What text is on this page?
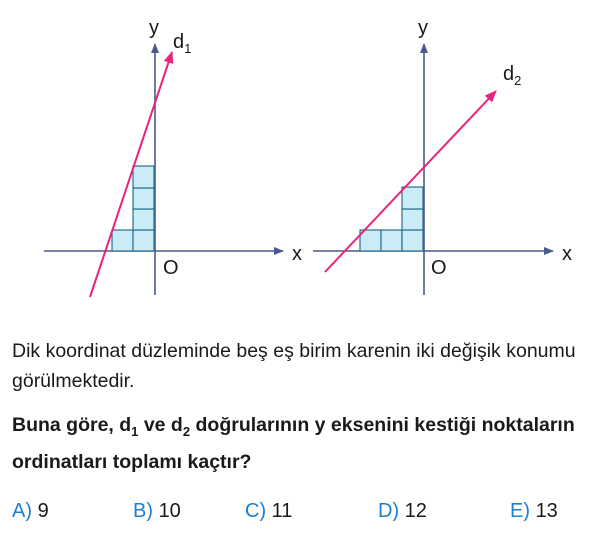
x
y
O
$d_1$
x
y
O
$d_2$

Dik koordinat düzleminde beş eş birim karenin iki değişik konumu görülmektedir.

Buna göre, $d_1$ ve $d_2$ doğrularının y eksenini kestiği noktaların ordinatları toplamı kaçtır?

A) 9	B) 10	C) 11	D) 12	E) 13
